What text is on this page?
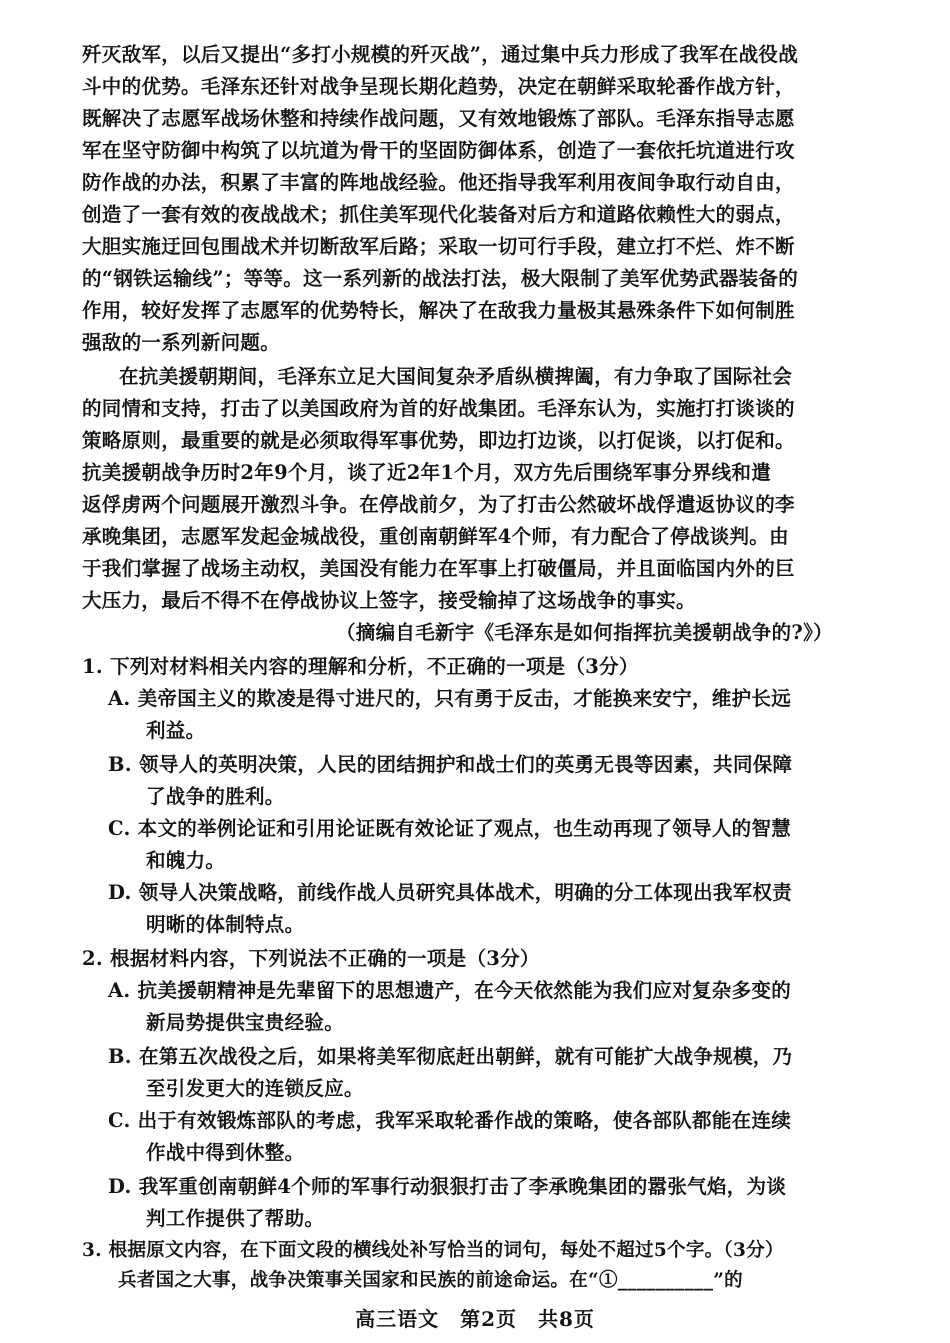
歼灭敌军，以后又提出“多打小规模的歼灭战”，通过集中兵力形成了我军在战役战
斗中的优势。毛泽东还针对战争呈现长期化趋势，决定在朝鲜采取轮番作战方针，
既解决了志愿军战场休整和持续作战问题，又有效地锻炼了部队。毛泽东指导志愿
军在坚守防御中构筑了以坑道为骨干的坚固防御体系，创造了一套依托坑道进行攻
防作战的办法，积累了丰富的阵地战经验。他还指导我军利用夜间争取行动自由，
创造了一套有效的夜战战术；抓住美军现代化装备对后方和道路依赖性大的弱点，
大胆实施迂回包围战术并切断敌军后路；采取一切可行手段，建立打不烂、炸不断
的“钢铁运输线”；等等。这一系列新的战法打法，极大限制了美军优势武器装备的
作用，较好发挥了志愿军的优势特长，解决了在敌我力量极其悬殊条件下如何制胜
强敌的一系列新问题。
在抗美援朝期间，毛泽东立足大国间复杂矛盾纵横捭阖，有力争取了国际社会
的同情和支持，打击了以美国政府为首的好战集团。毛泽东认为，实施打打谈谈的
策略原则，最重要的就是必须取得军事优势，即边打边谈，以打促谈，以打促和。
抗美援朝战争历时2年9个月，谈了近2年1个月，双方先后围绕军事分界线和遣
返俘虏两个问题展开激烈斗争。在停战前夕，为了打击公然破坏战俘遣返协议的李
承晚集团，志愿军发起金城战役，重创南朝鲜军4个师，有力配合了停战谈判。由
于我们掌握了战场主动权，美国没有能力在军事上打破僵局，并且面临国内外的巨
大压力，最后不得不在停战协议上签字，接受输掉了这场战争的事实。
（摘编自毛新宇《毛泽东是如何指挥抗美援朝战争的?》）
1. 下列对材料相关内容的理解和分析，不正确的一项是（3分）
A. 美帝国主义的欺凌是得寸进尺的，只有勇于反击，才能换来安宁，维护长远
利益。
B. 领导人的英明决策，人民的团结拥护和战士们的英勇无畏等因素，共同保障
了战争的胜利。
C. 本文的举例论证和引用论证既有效论证了观点，也生动再现了领导人的智慧
和魄力。
D. 领导人决策战略，前线作战人员研究具体战术，明确的分工体现出我军权责
明晰的体制特点。
2. 根据材料内容，下列说法不正确的一项是（3分）
A. 抗美援朝精神是先辈留下的思想遗产，在今天依然能为我们应对复杂多变的
新局势提供宝贵经验。
B. 在第五次战役之后，如果将美军彻底赶出朝鲜，就有可能扩大战争规模，乃
至引发更大的连锁反应。
C. 出于有效锻炼部队的考虑，我军采取轮番作战的策略，使各部队都能在连续
作战中得到休整。
D. 我军重创南朝鲜4个师的军事行动狠狠打击了李承晚集团的嚣张气焰，为谈
判工作提供了帮助。
3. 根据原文内容，在下面文段的横线处补写恰当的词句，每处不超过5个字。（3分）
兵者国之大事，战争决策事关国家和民族的前途命运。在“①__________”的
高三语文　第2页　共8页
